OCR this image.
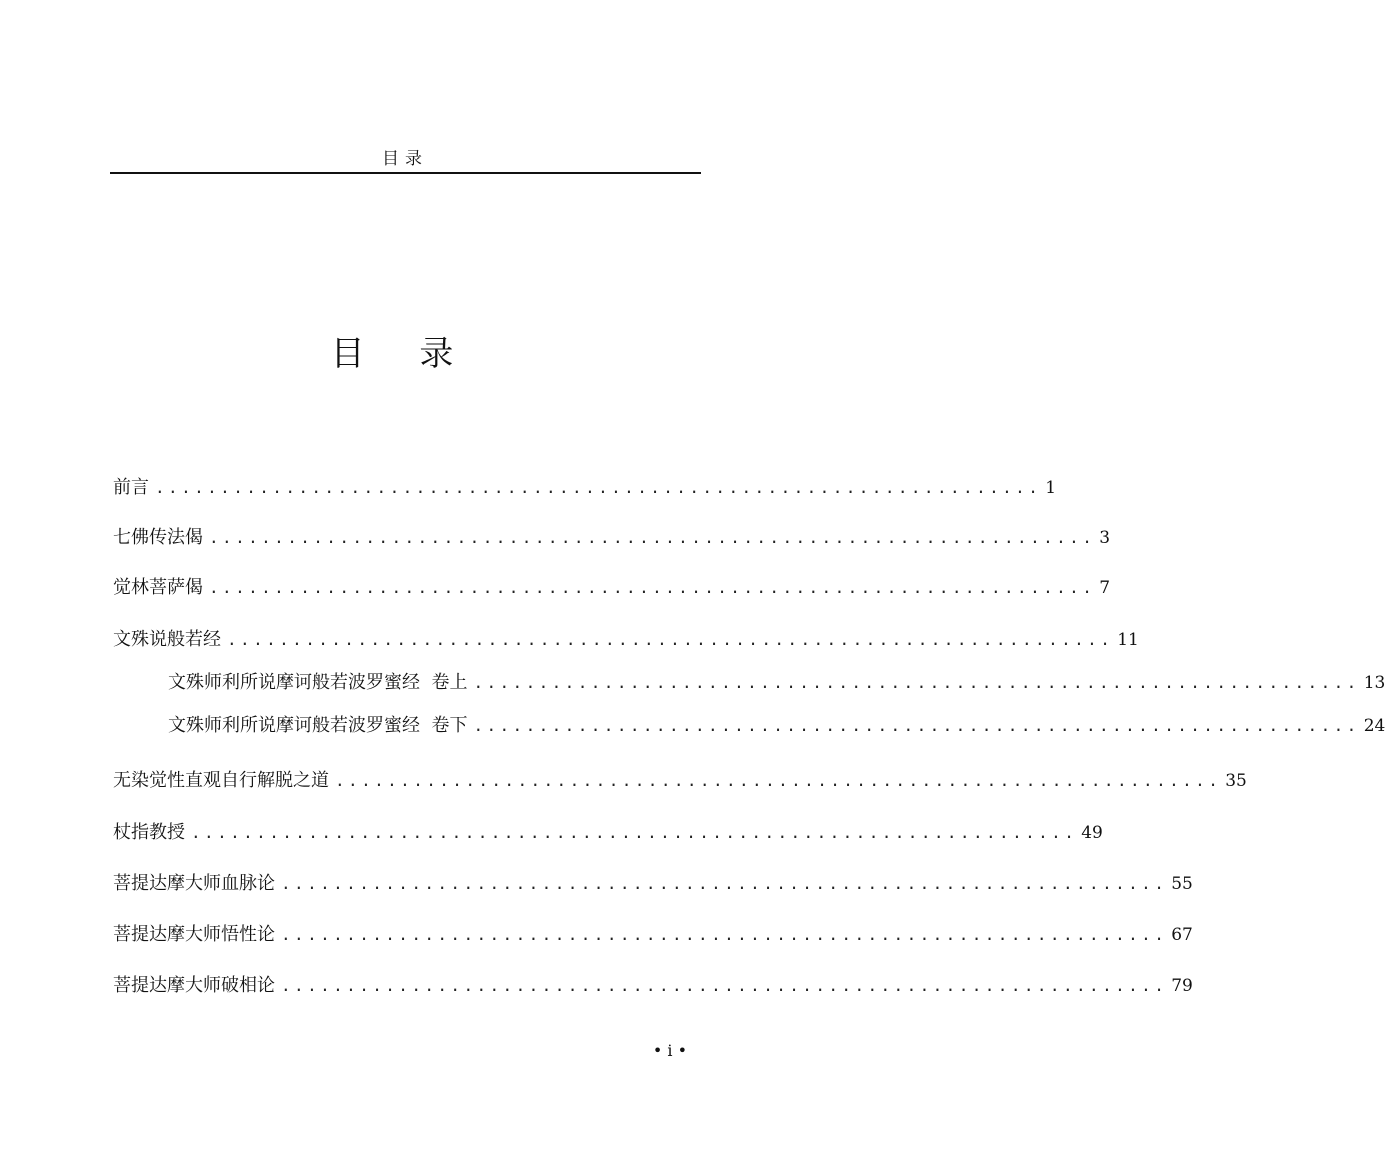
目录
目 录
前言 .................................................................... 1
七佛传法偈 .................................................................... 3
觉林菩萨偈 .................................................................... 7
文殊说般若经 .................................................................... 11
文殊师利所说摩诃般若波罗蜜经  卷上 .................................................................... 13
文殊师利所说摩诃般若波罗蜜经  卷下 .................................................................... 24
无染觉性直观自行解脱之道 .................................................................... 35
杖指教授 .................................................................... 49
菩提达摩大师血脉论 .................................................................... 55
菩提达摩大师悟性论 .................................................................... 67
菩提达摩大师破相论 .................................................................... 79
• i •
